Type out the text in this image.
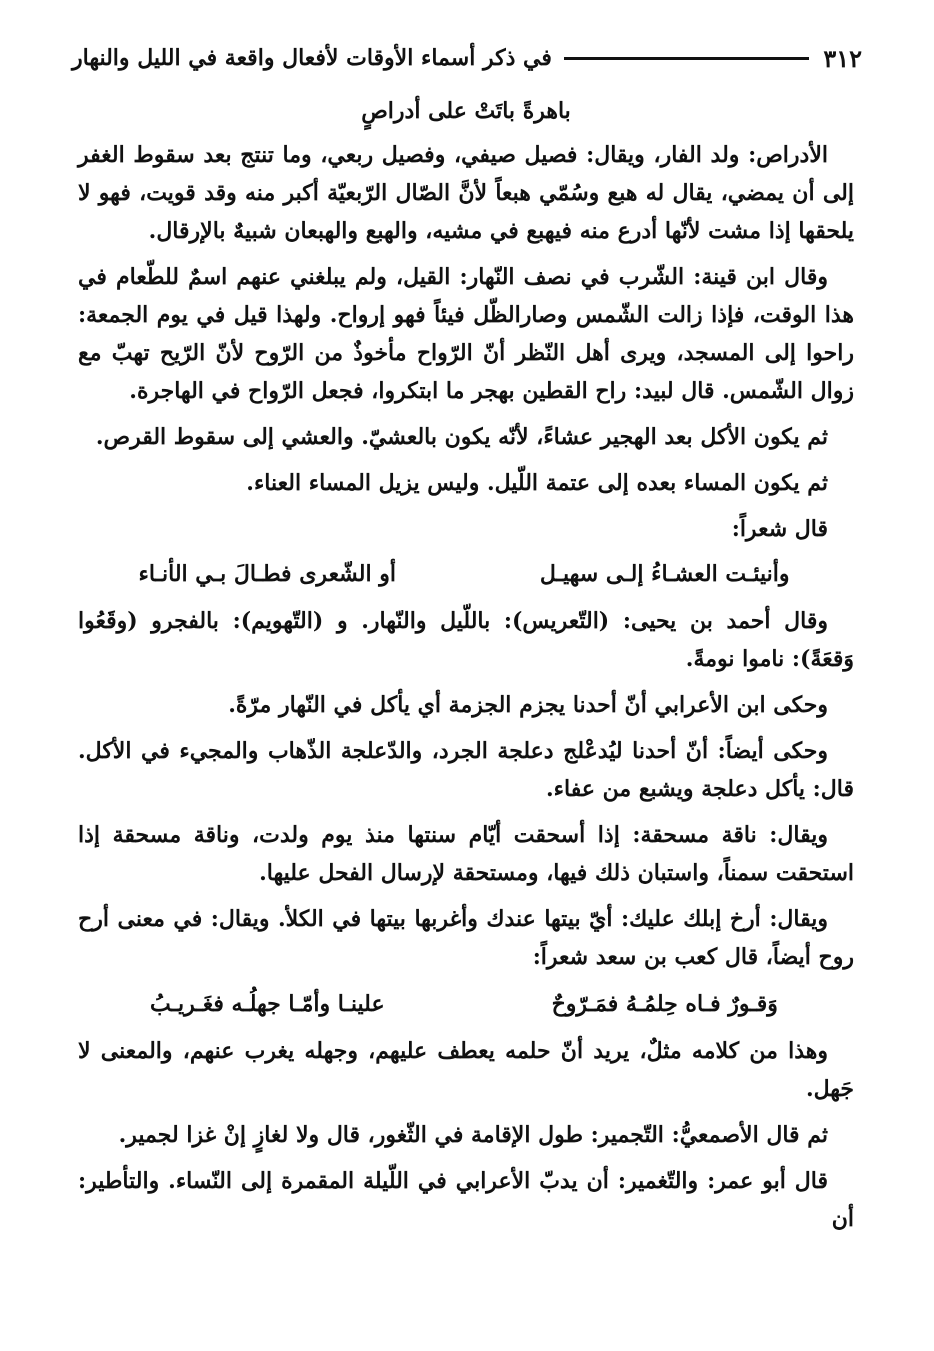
٣١٢
في ذكر أسماء الأوقات لأفعال واقعة في الليل والنهار
باهرةً باتَتْ على أدراصٍ

الأدراص: ولد الفار، ويقال: فصيل صيفي، وفصيل ربعي، وما تنتج بعد سقوط الغفر إلى أن يمضي، يقال له هبع وسُمّي هبعاً لأنَّ الصّال الرّبعيّة أكبر منه وقد قويت، فهو لا يلحقها إذا مشت لأنّها أدرع منه فيهبع في مشيه، والهبع والهبعان شبيهٌ بالإرقال.

وقال ابن قينة: الشّرب في نصف النّهار: القيل، ولم يبلغني عنهم اسمٌ للطّعام في هذا الوقت، فإذا زالت الشّمس وصارالظّل فيئاً فهو إرواح. ولهذا قيل في يوم الجمعة: راحوا إلى المسجد، ويرى أهل النّظر أنّ الرّواح مأخوذٌ من الرّوح لأنّ الرّيح تهبّ مع زوال الشّمس. قال لبيد: راح القطين بهجر ما ابتكروا، فجعل الرّواح في الهاجرة.

ثم يكون الأكل بعد الهجير عشاءً، لأنّه يكون بالعشيّ. والعشي إلى سقوط القرص.

ثم يكون المساء بعده إلى عتمة اللّيل. وليس يزيل المساء العناء.

قال شعراً:
وأنيئـت العشـاءُ إلـى سهيـل
أو الشّعرى فطـالَ بـي الأنـاء

وقال أحمد بن يحيى: (التّعريس): باللّيل والنّهار. و (التّهويم): بالفجرو (وقَعُوا وَقعَةً): ناموا نومةً.

وحكى ابن الأعرابي أنّ أحدنا يجزم الجزمة أي يأكل في النّهار مرّةً.

وحكى أيضاً: أنّ أحدنا ليُدعْلج دعلجة الجرد، والدّعلجة الذّهاب والمجيء في الأكل. قال: يأكل دعلجة ويشبع من عفاء.

ويقال: ناقة مسحقة: إذا أسحقت أيّام سنتها منذ يوم ولدت، وناقة مسحقة إذا استحقت سمناً، واستبان ذلك فيها، ومستحقة لإرسال الفحل عليها.

ويقال: أرخ إبلك عليك: أيّ بيتها عندك وأغربها بيتها في الكلأ. ويقال: في معنى أرح روح أيضاً، قال كعب بن سعد شعراً:

وَقـورٌ فـاه حِلمُـهُ فمَـرّوحٌ
علينـا وأمّـا جهلُـه فغَـريـبُ

وهذا من كلامه مثلٌ، يريد أنّ حلمه يعطف عليهم، وجهله يغرب عنهم، والمعنى لا جَهل.

ثم قال الأصمعيُّ: التّجمير: طول الإقامة في الثّغور، قال ولا لغازٍ إنْ غزا لجمير.

قال أبو عمر: والتّغمير: أن يدبّ الأعرابي في اللّيلة المقمرة إلى النّساء. والتأطير: أن
